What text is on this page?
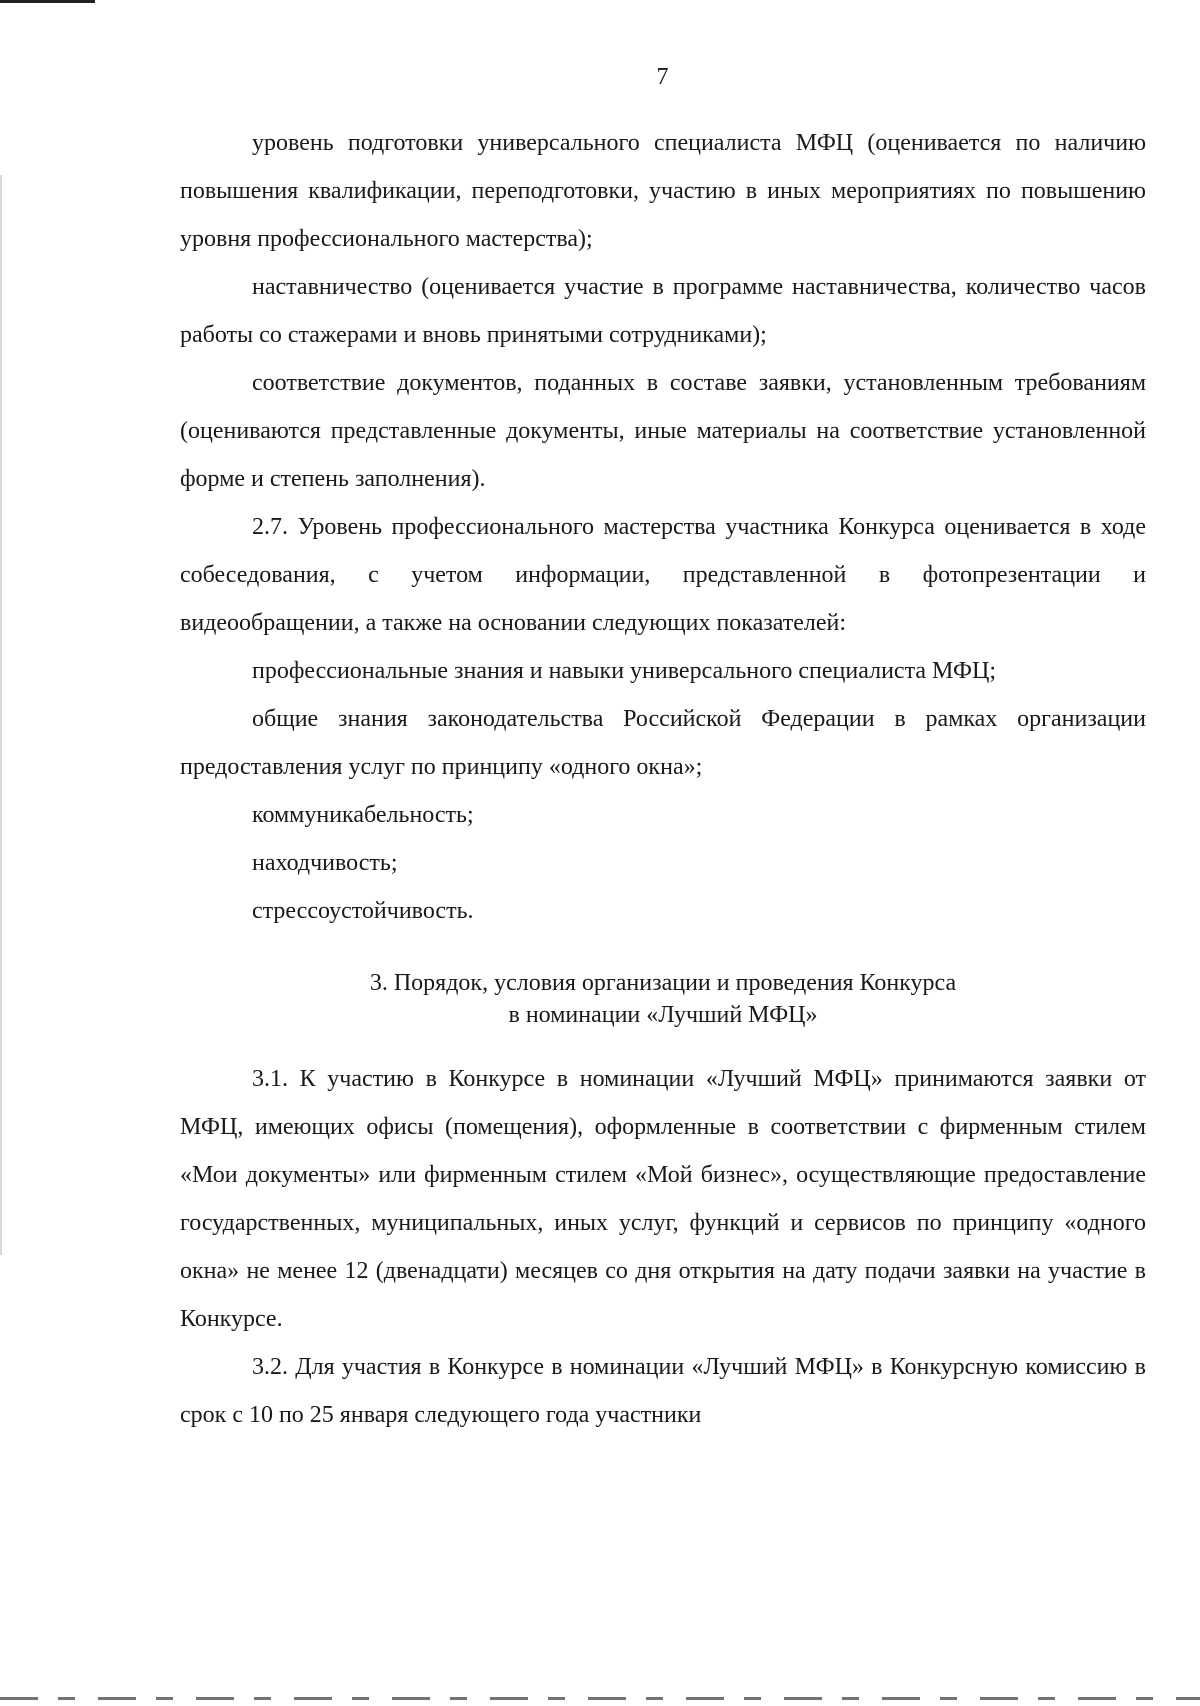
7

уровень подготовки универсального специалиста МФЦ (оценивается по наличию повышения квалификации, переподготовки, участию в иных мероприятиях по повышению уровня профессионального мастерства);

наставничество (оценивается участие в программе наставничества, количество часов работы со стажерами и вновь принятыми сотрудниками);

соответствие документов, поданных в составе заявки, установленным требованиям (оцениваются представленные документы, иные материалы на соответствие установленной форме и степень заполнения).

2.7. Уровень профессионального мастерства участника Конкурса оценивается в ходе собеседования, с учетом информации, представленной в фотопрезентации и видеообращении, а также на основании следующих показателей:

профессиональные знания и навыки универсального специалиста МФЦ;

общие знания законодательства Российской Федерации в рамках организации предоставления услуг по принципу «одного окна»;

коммуникабельность;

находчивость;

стрессоустойчивость.

3. Порядок, условия организации и проведения Конкурса
в номинации «Лучший МФЦ»

3.1. К участию в Конкурсе в номинации «Лучший МФЦ» принимаются заявки от МФЦ, имеющих офисы (помещения), оформленные в соответствии с фирменным стилем «Мои документы» или фирменным стилем «Мой бизнес», осуществляющие предоставление государственных, муниципальных, иных услуг, функций и сервисов по принципу «одного окна» не менее 12 (двенадцати) месяцев со дня открытия на дату подачи заявки на участие в Конкурсе.

3.2. Для участия в Конкурсе в номинации «Лучший МФЦ» в Конкурсную комиссию в срок с 10 по 25 января следующего года участники
